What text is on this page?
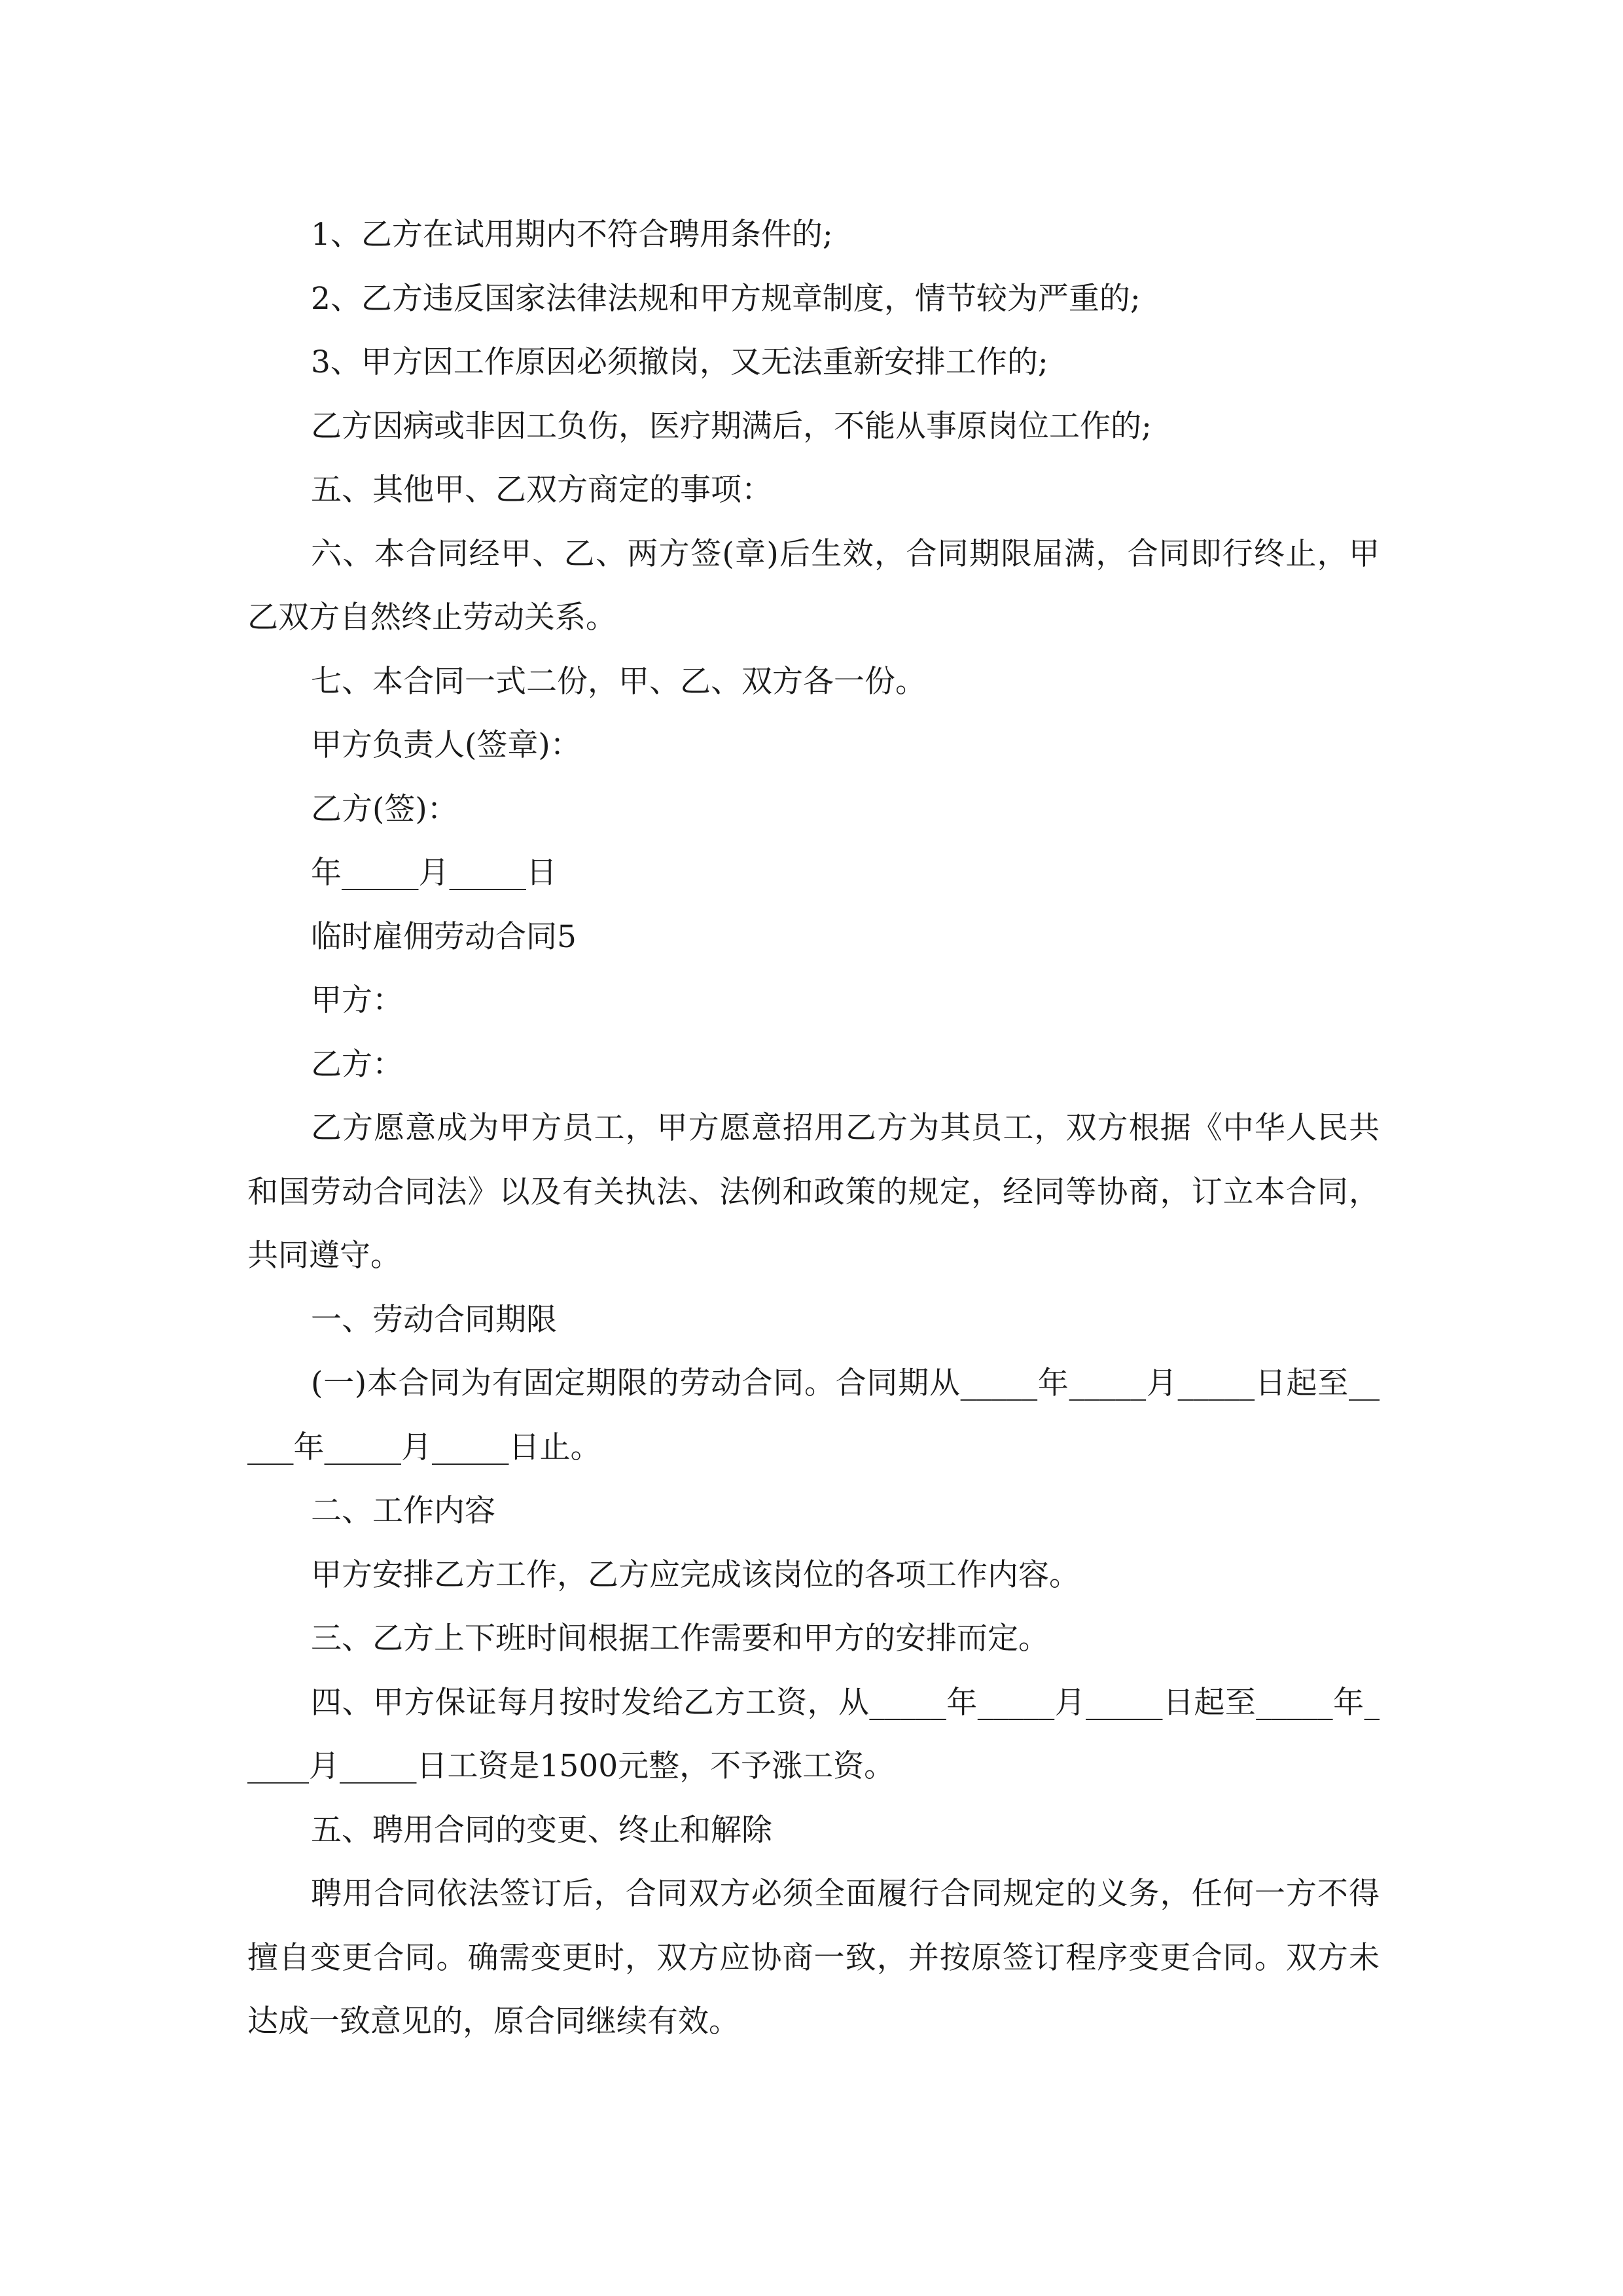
1、乙方在试用期内不符合聘用条件的;

2、乙方违反国家法律法规和甲方规章制度，情节较为严重的;

3、甲方因工作原因必须撤岗，又无法重新安排工作的;

乙方因病或非因工负伤，医疗期满后，不能从事原岗位工作的;

五、其他甲、乙双方商定的事项：

六、本合同经甲、乙、两方签(章)后生效，合同期限届满，合同即行终止，甲乙双方自然终止劳动关系。

七、本合同一式二份，甲、乙、双方各一份。

甲方负责人(签章)：

乙方(签)：

年_____月_____日

临时雇佣劳动合同5

甲方：

乙方：

乙方愿意成为甲方员工，甲方愿意招用乙方为其员工，双方根据《中华人民共和国劳动合同法》以及有关执法、法例和政策的规定，经同等协商，订立本合同，共同遵守。

一、劳动合同期限

(一)本合同为有固定期限的劳动合同。合同期从_____年_____月_____日起至_____年_____月_____日止。

二、工作内容

甲方安排乙方工作，乙方应完成该岗位的各项工作内容。

三、乙方上下班时间根据工作需要和甲方的安排而定。

四、甲方保证每月按时发给乙方工资，从_____年_____月_____日起至_____年_____月_____日工资是1500元整，不予涨工资。

五、聘用合同的变更、终止和解除

聘用合同依法签订后，合同双方必须全面履行合同规定的义务，任何一方不得擅自变更合同。确需变更时，双方应协商一致，并按原签订程序变更合同。双方未达成一致意见的，原合同继续有效。
